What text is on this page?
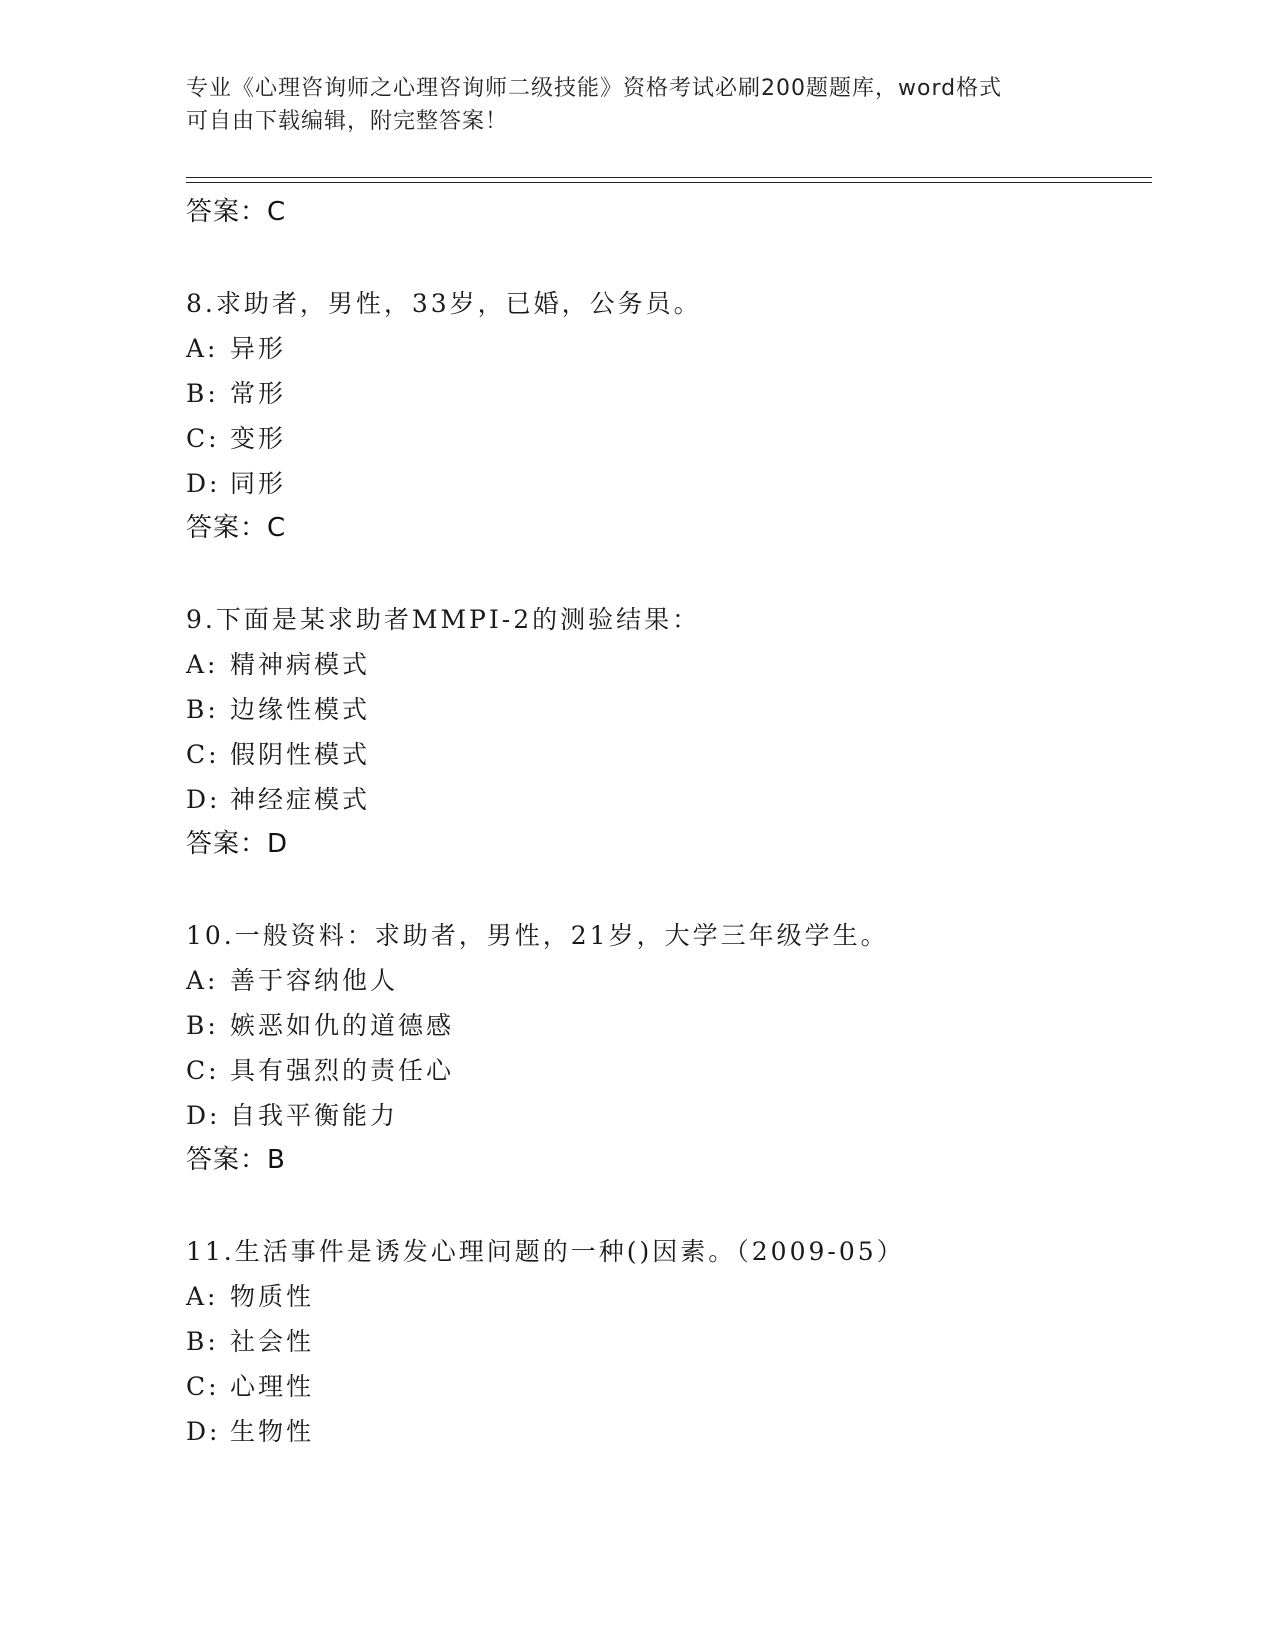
专业《心理咨询师之心理咨询师二级技能》资格考试必刷200题题库，word格式
可自由下载编辑，附完整答案！
答案：C
8.求助者，男性，33岁，已婚，公务员。
A: 异形
B: 常形
C: 变形
D: 同形
答案：C
9.下面是某求助者MMPI-2的测验结果：
A: 精神病模式
B: 边缘性模式
C: 假阴性模式
D: 神经症模式
答案：D
10.一般资料：求助者，男性，21岁，大学三年级学生。
A: 善于容纳他人
B: 嫉恶如仇的道德感
C: 具有强烈的责任心
D: 自我平衡能力
答案：B
11.生活事件是诱发心理问题的一种()因素。（2009-05）
A: 物质性
B: 社会性
C: 心理性
D: 生物性
